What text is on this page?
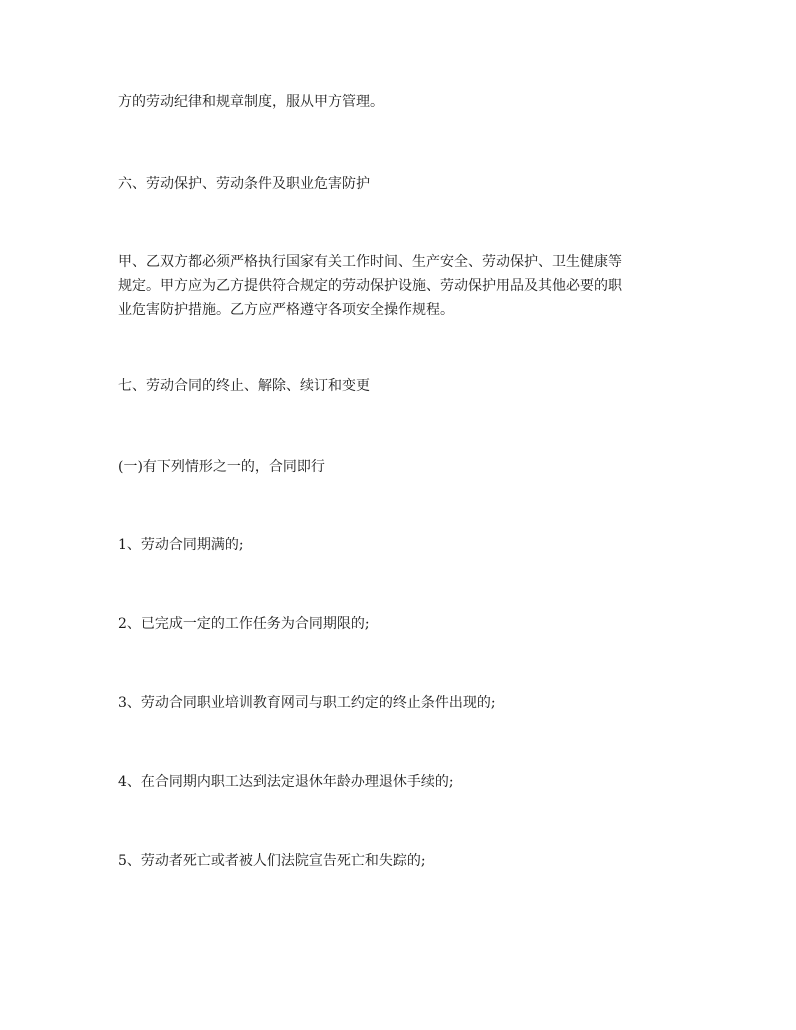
方的劳动纪律和规章制度，服从甲方管理。

六、劳动保护、劳动条件及职业危害防护

甲、乙双方都必须严格执行国家有关工作时间、生产安全、劳动保护、卫生健康等
规定。甲方应为乙方提供符合规定的劳动保护设施、劳动保护用品及其他必要的职
业危害防护措施。乙方应严格遵守各项安全操作规程。

七、劳动合同的终止、解除、续订和变更

(一)有下列情形之一的，合同即行

1、劳动合同期满的;

2、已完成一定的工作任务为合同期限的;

3、劳动合同职业培训教育网司与职工约定的终止条件出现的;

4、在合同期内职工达到法定退休年龄办理退休手续的;

5、劳动者死亡或者被人们法院宣告死亡和失踪的;
